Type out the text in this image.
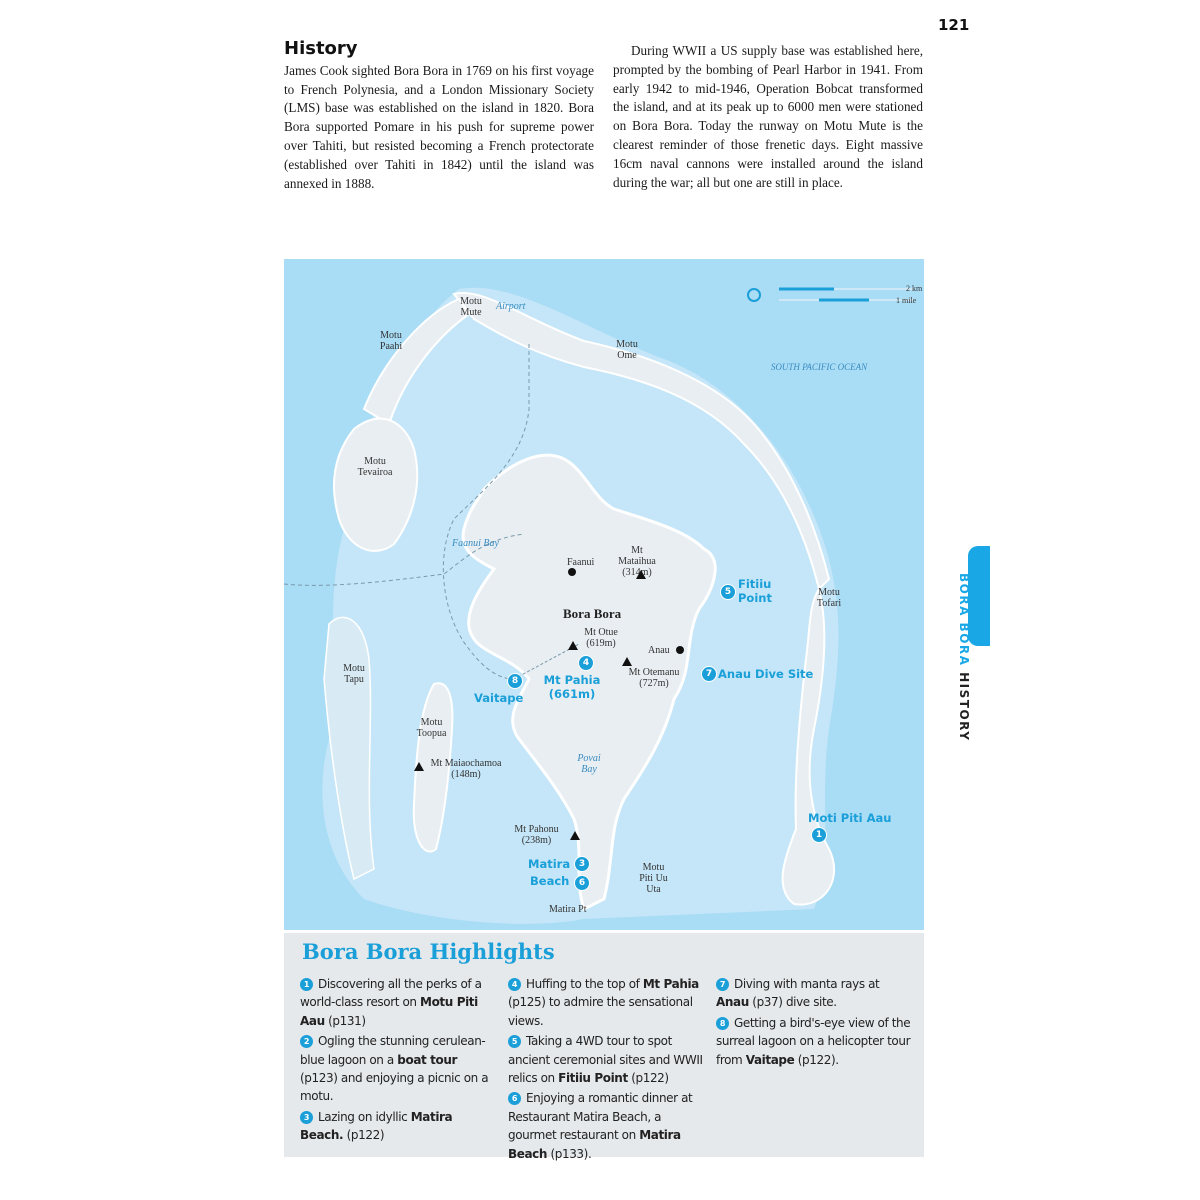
121
History

James Cook sighted Bora Bora in 1769 on his first voyage to French Polynesia, and a London Missionary Society (LMS) base was established on the island in 1820. Bora Bora supported Pomare in his push for supreme power over Tahiti, but resisted becoming a French protectorate (established over Tahiti in 1842) until the island was annexed in 1888.

During WWII a US supply base was established here, prompted by the bombing of Pearl Harbor in 1941. From early 1942 to mid-1946, Operation Bobcat transformed the island, and at its peak up to 6000 men were stationed on Bora Bora. Today the runway on Motu Mute is the clearest reminder of those frenetic days. Eight massive 16cm naval cannons were installed around the island during the war; all but one are still in place.

BORA BORA HISTORY
2 km
1 mile
SOUTH PACIFIC OCEAN
Motu Mute
Airport
Motu Paahi	Motu Ome
Motu Tevairoa
Faanui Bay
Faanui
Mt Mataihua (314m)
Bora Bora
Mt Otue (619m)
Anau
Mt Otemanu (727m)
Motu Tofari
Motu Tapu
Motu Toopua
Mt Maiaochamoa (148m)
Povai Bay
Mt Pahonu (238m)
Motu Piti Uu Uta
Matira Pt
Moti Piti Aau
1
Matira 3
Beach	6
4
Mt Pahia (661m)
8
Vaitape
5
Fitiiu Point
7 Anau Dive Site
Bora Bora Highlights

1 Discovering all the perks of a world-class resort on Motu Piti Aau (p131)

2 Ogling the stunning cerulean-blue lagoon on a boat tour (p123) and enjoying a picnic on a motu.

3 Lazing on idyllic Matira Beach. (p122)

4 Huffing to the top of Mt Pahia (p125) to admire the sensational views.

5 Taking a 4WD tour to spot ancient ceremonial sites and WWII relics on Fitiiu Point (p122)

6 Enjoying a romantic dinner at Restaurant Matira Beach, a gourmet restaurant on Matira Beach (p133).

7 Diving with manta rays at Anau (p37) dive site.

8 Getting a bird's-eye view of the surreal lagoon on a helicopter tour from Vaitape (p122).
